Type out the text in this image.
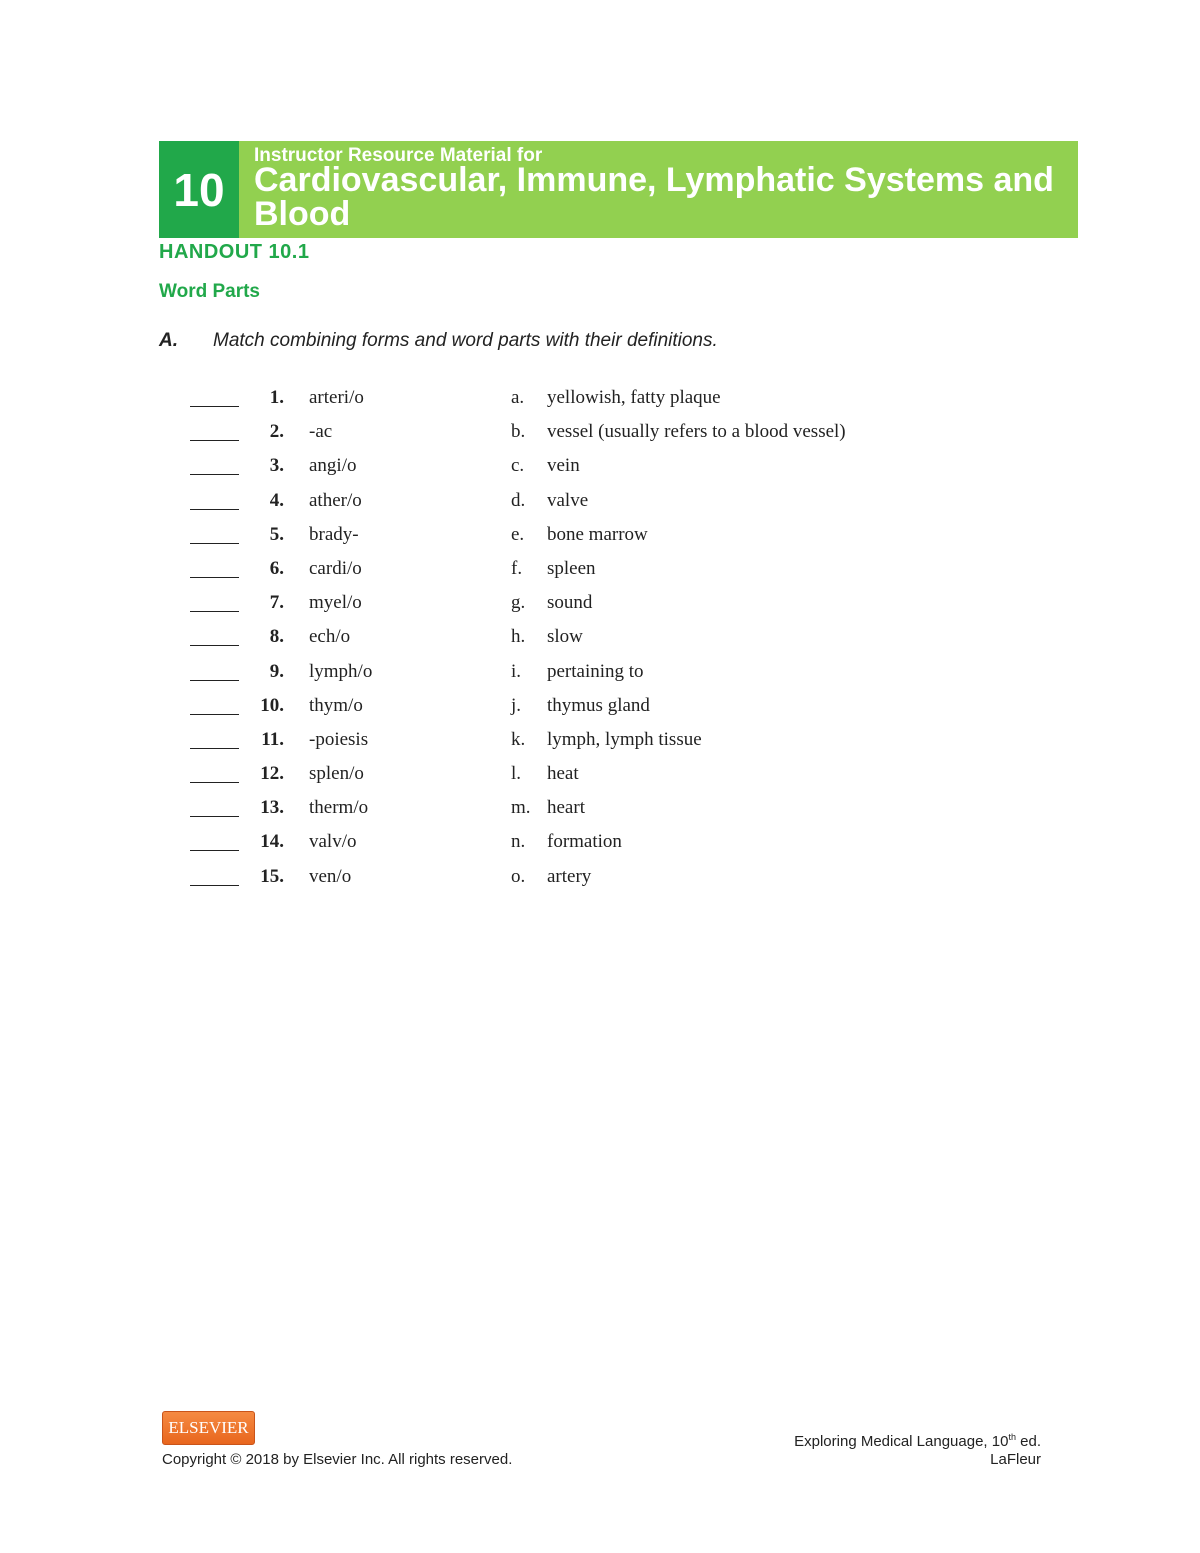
10
Instructor Resource Material for
Cardiovascular, Immune, Lymphatic Systems and Blood
HANDOUT 10.1
Word Parts
A. Match combining forms and word parts with their definitions.
1. arteri/o	a. yellowish, fatty plaque
2. -ac	b. vessel (usually refers to a blood vessel)
3. angi/o	c. vein
4. ather/o	d. valve
5. brady-	e. bone marrow
6. cardi/o	f. spleen
7. myel/o	g. sound
8. ech/o	h. slow
9. lymph/o	i. pertaining to
10. thym/o	j. thymus gland
11. -poiesis	k. lymph, lymph tissue
12. splen/o	l. heat
13. therm/o	m. heart
14. valv/o	n. formation
15. ven/o	o. artery
ELSEVIER
Copyright © 2018 by Elsevier Inc. All rights reserved.
Exploring Medical Language, 10th ed.
LaFleur
